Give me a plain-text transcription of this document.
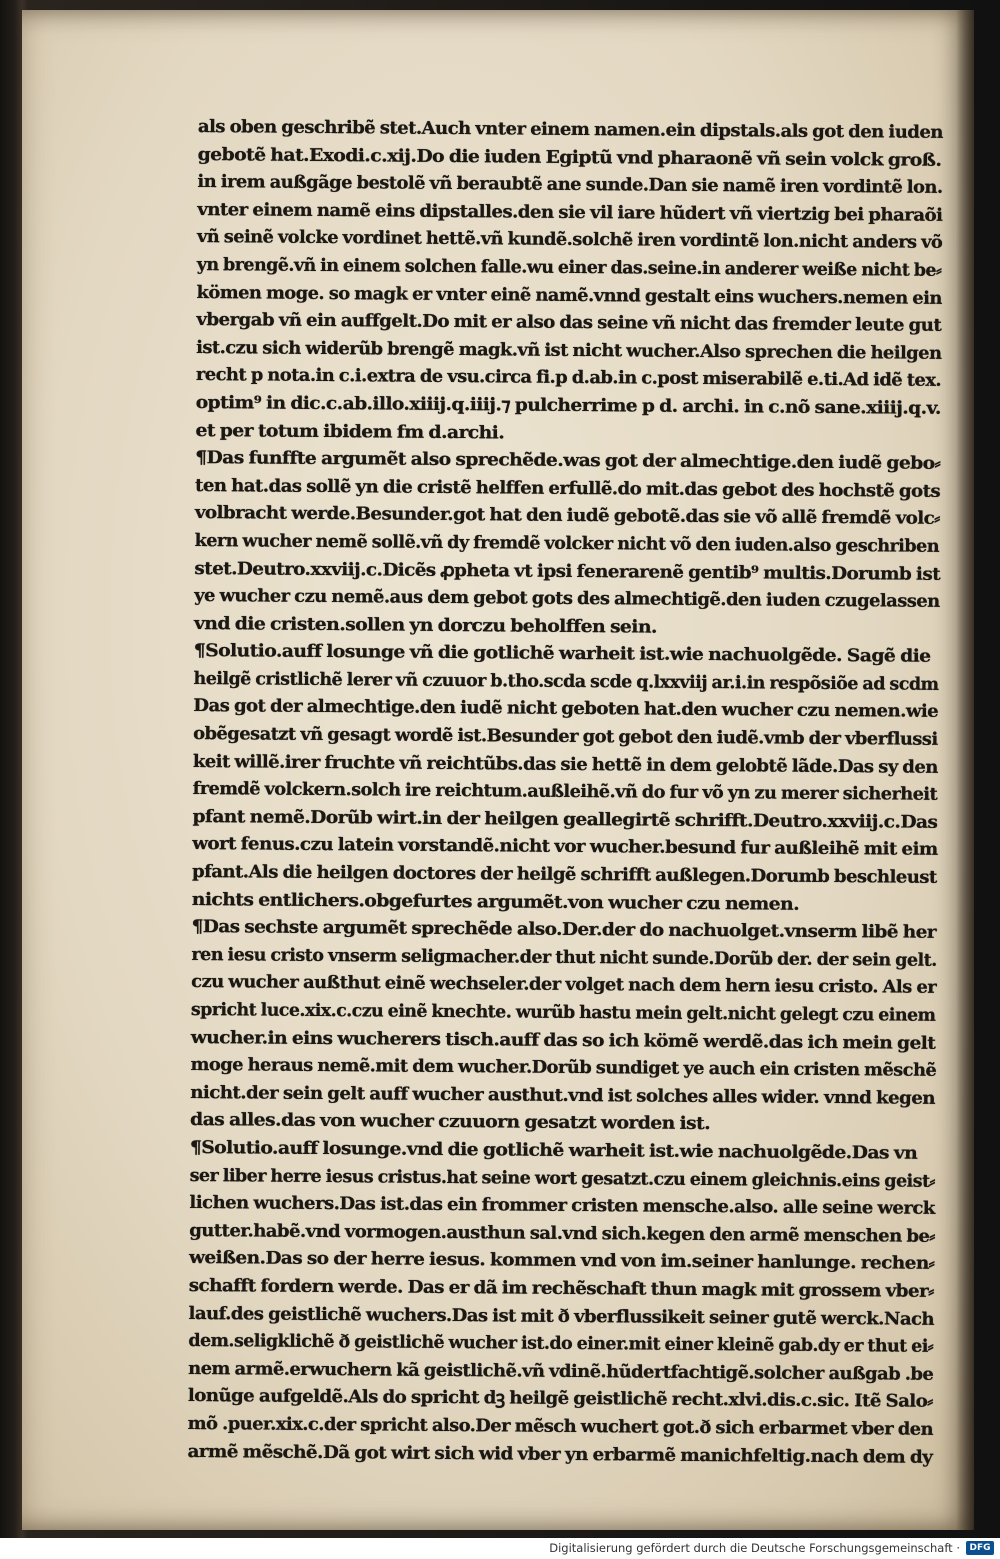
als oben geschribẽ stet.Auch vnter einem namen.ein dipstals.als got den iuden
gebotẽ hat.Exodi.c.xij.Do die iuden Egiptũ vnd pharaonẽ vñ sein volck groß.
in irem außgãge bestolẽ vñ beraubtẽ ane sunde.Dan sie namẽ iren vordintẽ lon.
vnter einem namẽ eins dipstalles.den sie vil iare hũdert vñ viertzig bei pharaõi
vñ seinẽ volcke vordinet hettẽ.vñ kundẽ.solchẽ iren vordintẽ lon.nicht anders võ
yn brengẽ.vñ in einem solchen falle.wu einer das.seine.in anderer weiße nicht be⸗
kömen moge. so magk er vnter einẽ namẽ.vnnd gestalt eins wuchers.nemen ein
vbergab vñ ein auffgelt.Do mit er also das seine vñ nicht das fremder leute gut
ist.czu sich widerũb brengẽ magk.vñ ist nicht wucher.Also sprechen die heilgen
recht p nota.in c.i.extra de vsu.circa fi.p d.ab.in c.post miserabilẽ e.ti.Ad idẽ tex.
optim⁹ in dic.c.ab.illo.xiiij.q.iiij.⁊ pulcherrime p d. archi. in c.nõ sane.xiiij.q.v.
et per totum ibidem fm d.archi.
¶Das funffte argumẽt also sprechẽde.was got der almechtige.den iudẽ gebo⸗
ten hat.das sollẽ yn die cristẽ helffen erfullẽ.do mit.das gebot des hochstẽ gots
volbracht werde.Besunder.got hat den iudẽ gebotẽ.das sie võ allẽ fremdẽ volc⸗
kern wucher nemẽ sollẽ.vñ dy fremdẽ volcker nicht võ den iuden.also geschriben
stet.Deutro.xxviij.c.Dicẽs ꝓpheta vt ipsi fenerarenẽ gentib⁹ multis.Dorumb ist
ye wucher czu nemẽ.aus dem gebot gots des almechtigẽ.den iuden czugelassen
vnd die cristen.sollen yn dorczu beholffen sein.
¶Solutio.auff losunge vñ die gotlichẽ warheit ist.wie nachuolgẽde. Sagẽ die
heilgẽ cristlichẽ lerer vñ czuuor b.tho.scda scde q.lxxviij ar.i.in respõsiõe ad scdm
Das got der almechtige.den iudẽ nicht geboten hat.den wucher czu nemen.wie
obẽgesatzt vñ gesagt wordẽ ist.Besunder got gebot den iudẽ.vmb der vberflussi
keit willẽ.irer fruchte vñ reichtũbs.das sie hettẽ in dem gelobtẽ lãde.Das sy den
fremdẽ volckern.solch ire reichtum.außleihẽ.vñ do fur võ yn zu merer sicherheit
pfant nemẽ.Dorũb wirt.in der heilgen geallegirtẽ schrifft.Deutro.xxviij.c.Das
wort fenus.czu latein vorstandẽ.nicht vor wucher.besund fur außleihẽ mit eim
pfant.Als die heilgen doctores der heilgẽ schrifft außlegen.Dorumb beschleust
nichts entlichers.obgefurtes argumẽt.von wucher czu nemen.
¶Das sechste argumẽt sprechẽde also.Der.der do nachuolget.vnserm libẽ her
ren iesu cristo vnserm seligmacher.der thut nicht sunde.Dorũb der. der sein gelt.
czu wucher außthut einẽ wechseler.der volget nach dem hern iesu cristo. Als er
spricht luce.xix.c.czu einẽ knechte. wurũb hastu mein gelt.nicht gelegt czu einem
wucher.in eins wucherers tisch.auff das so ich kömẽ werdẽ.das ich mein gelt
moge heraus nemẽ.mit dem wucher.Dorũb sundiget ye auch ein cristen mẽschẽ
nicht.der sein gelt auff wucher austhut.vnd ist solches alles wider. vnnd kegen
das alles.das von wucher czuuorn gesatzt worden ist.
¶Solutio.auff losunge.vnd die gotlichẽ warheit ist.wie nachuolgẽde.Das vn
ser liber herre iesus cristus.hat seine wort gesatzt.czu einem gleichnis.eins geist⸗
lichen wuchers.Das ist.das ein frommer cristen mensche.also. alle seine werck
gutter.habẽ.vnd vormogen.austhun sal.vnd sich.kegen den armẽ menschen be⸗
weißen.Das so der herre iesus. kommen vnd von im.seiner hanlunge. rechen⸗
schafft fordern werde. Das er dã im rechẽschaft thun magk mit grossem vber⸗
lauf.des geistlichẽ wuchers.Das ist mit ð vberflussikeit seiner gutẽ werck.Nach
dem.seligklichẽ ð geistlichẽ wucher ist.do einer.mit einer kleinẽ gab.dy er thut ei⸗
nem armẽ.erwuchern kã geistlichẽ.vñ vdinẽ.hũdertfachtigẽ.solcher außgab .be
lonũge aufgeldẽ.Als do spricht dꝫ heilgẽ geistlichẽ recht.xlvi.dis.c.sic. Itẽ Salo⸗
mõ .puer.xix.c.der spricht also.Der mẽsch wuchert got.ð sich erbarmet vber den
armẽ mẽschẽ.Dã got wirt sich wid vber yn erbarmẽ manichfeltig.nach dem dy
Digitalisierung gefördert durch die Deutsche Forschungsgemeinschaft ·	DFG
